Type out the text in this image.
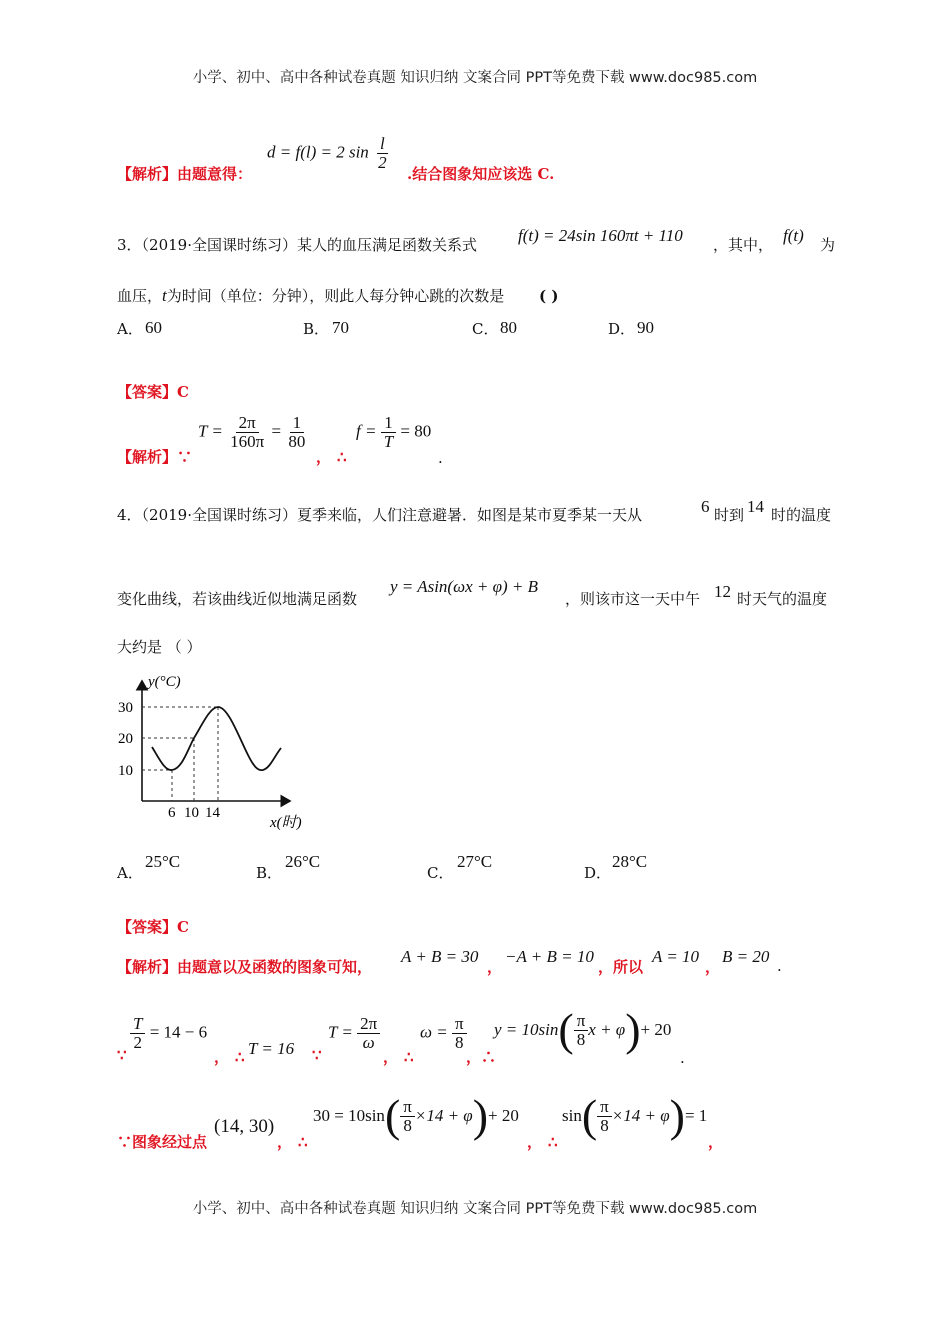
小学、初中、高中各种试卷真题 知识归纳 文案合同 PPT等免费下载 www.doc985.com
【解析】由题意得：
d = f(l) = 2 $\sin \frac{l}{2}$
.结合图象知应该选 C.
3．（2019·全国课时练习）某人的血压满足函数关系式 f(t) = 24sin 160πt + 110 ，其中， f(t) 为
血压，t为时间（单位：分钟），则此人每分钟心跳的次数是 ( )
A． 60	B． 70	C． 80	D． 90
【答案】C
【解析】∵
$T = \frac{2\pi}{160\pi} = \frac{1}{80}$
， ∴
$f = \frac{1}{T} = 80$
.
4．（2019·全国课时练习）夏季来临，人们注意避暑．如图是某市夏季某一天从	6 时到 14 时的温度
变化曲线，若该曲线近似地满足函数
y = Asin(ωx + φ) + B
，则该市这一天中午 12 时天气的温度
大约是 （ ）
y(°C)
30
20
10
6 10 14
x(时)
A．
25°C
B．
26°C
C．
27°C
D．
28°C
【答案】C
【解析】由题意以及函数的图象可知，
A + B = 30
，
−A + B = 10
，所以
A = 10
，
B = 20 .
∵
$\frac{T}{2} = 14 - 6$
， ∴ T = 16 ∵
$T = \frac{2\pi}{\omega}$
， ∴
$\omega = \frac{\pi}{8}$
，∴
y = 10sin ( $\frac{\pi}{8}$ x + φ ) + 20
.
∵图象经过点
(14, 30)
， ∴
30 = 10sin ( $\frac{\pi}{8} \times 14 + \varphi$ ) + 20
， ∴
sin ( $\frac{\pi}{8} \times 14 + \varphi$ ) = 1
，
小学、初中、高中各种试卷真题 知识归纳 文案合同 PPT等免费下载 www.doc985.com
